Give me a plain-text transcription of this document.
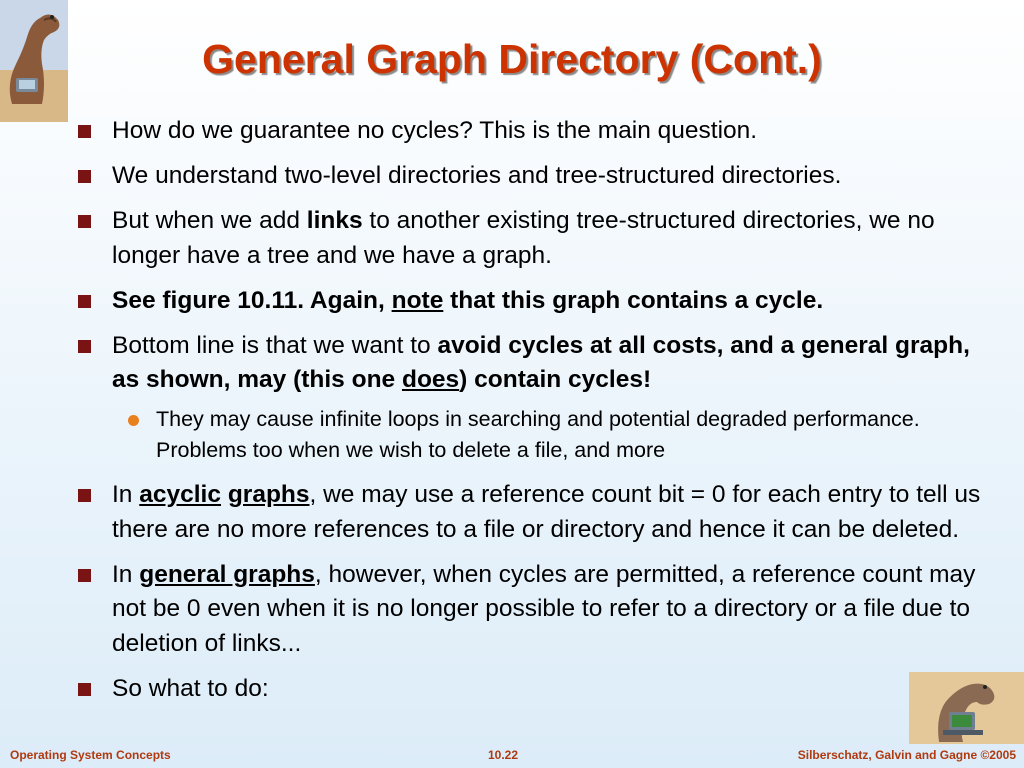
General Graph Directory (Cont.)
How do we guarantee no cycles? This is the main question.
We understand two-level directories and tree-structured directories.
But when we add links to another existing tree-structured directories, we no longer have a tree and we have a graph.
See figure 10.11. Again, note that this graph contains a cycle.
Bottom line is that we want to avoid cycles at all costs, and a general graph, as shown, may (this one does) contain cycles!
They may cause infinite loops in searching and potential degraded performance. Problems too when we wish to delete a file, and more
In acyclic graphs, we may use a reference count bit = 0 for each entry to tell us there are no more references to a file or directory and hence it can be deleted.
In general graphs, however, when cycles are permitted, a reference count may not be 0 even when it is no longer possible to refer to a directory or a file due to deletion of links...
So what to do:
Operating System Concepts	10.22	Silberschatz, Galvin and Gagne ©2005
